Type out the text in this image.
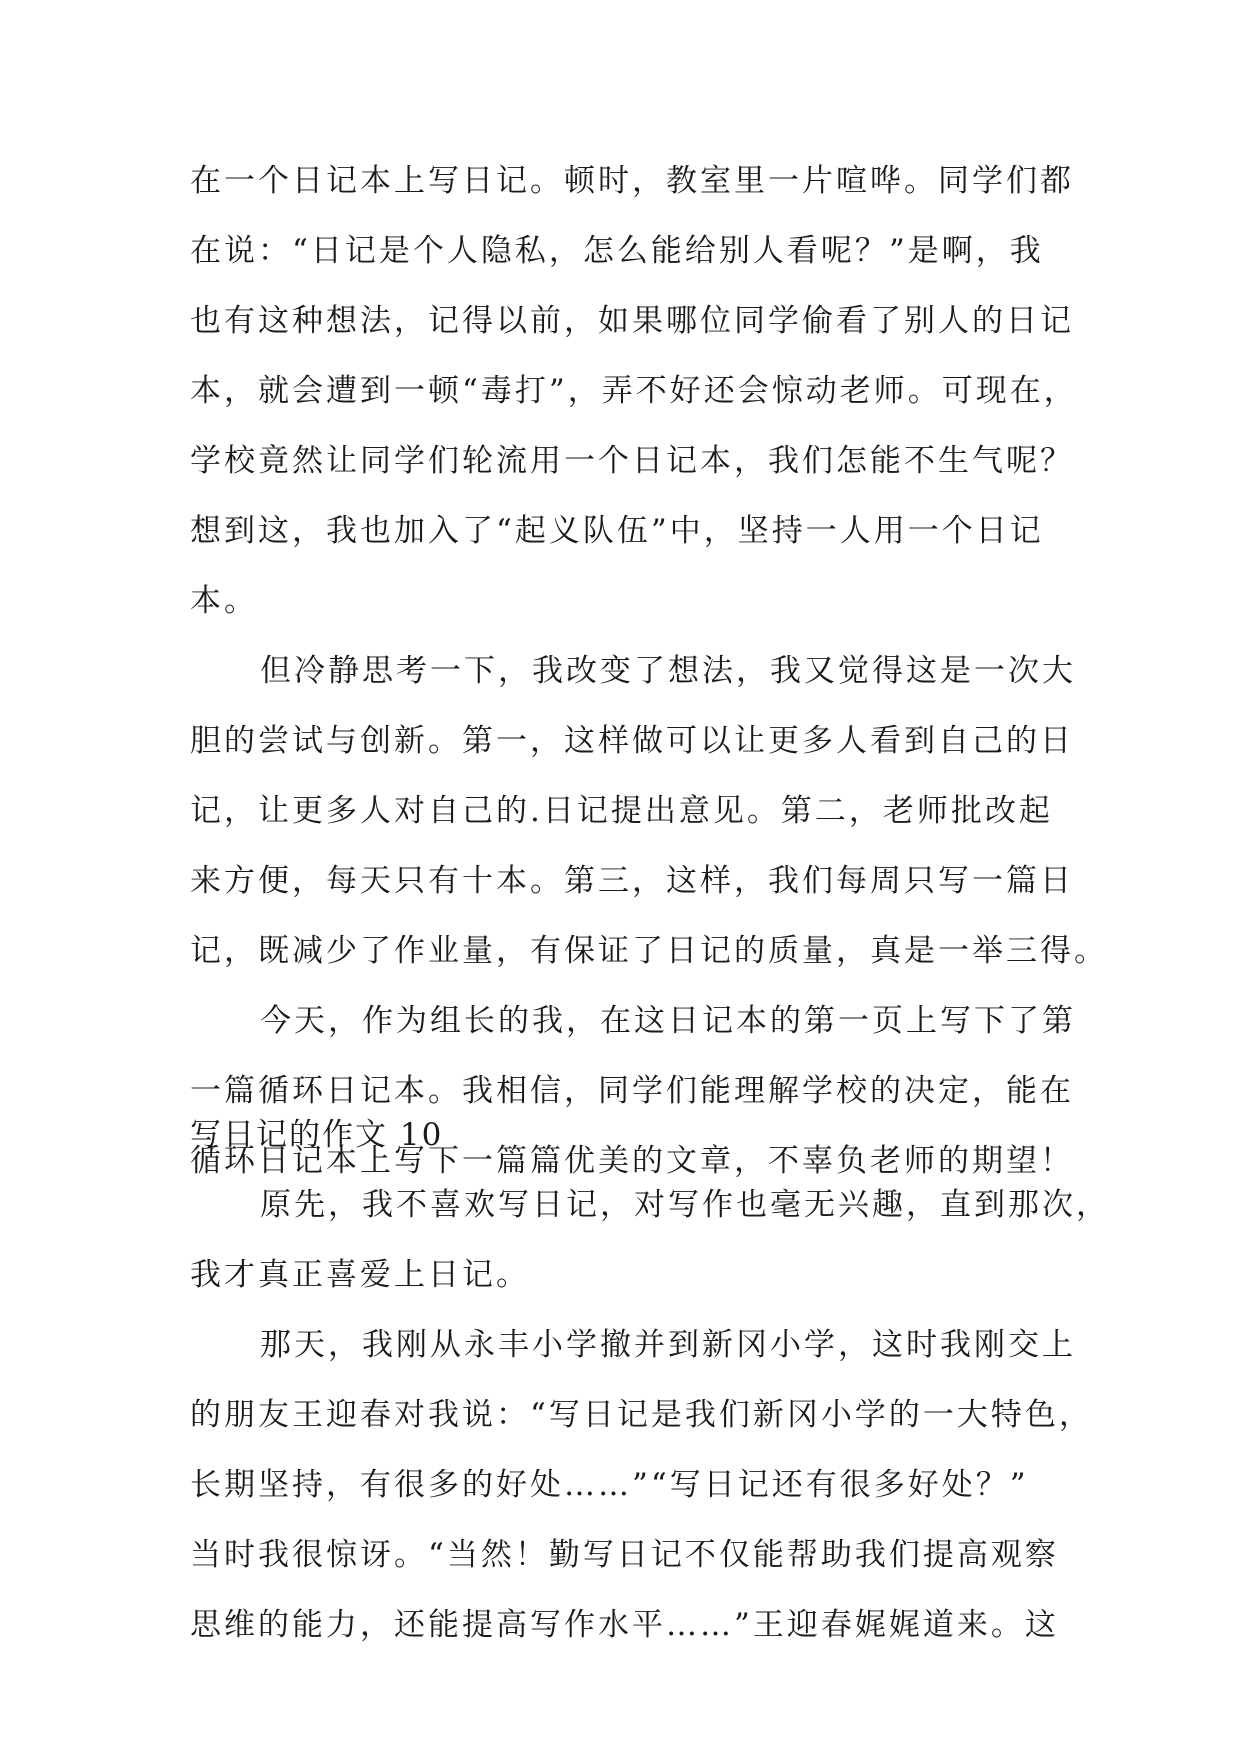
在一个日记本上写日记。顿时，教室里一片喧哗。同学们都
在说：“日记是个人隐私，怎么能给别人看呢？”是啊，我
也有这种想法，记得以前，如果哪位同学偷看了别人的日记
本，就会遭到一顿“毒打”，弄不好还会惊动老师。可现在，
学校竟然让同学们轮流用一个日记本，我们怎能不生气呢？
想到这，我也加入了“起义队伍”中，坚持一人用一个日记
本。
但冷静思考一下，我改变了想法，我又觉得这是一次大
胆的尝试与创新。第一，这样做可以让更多人看到自己的日
记，让更多人对自己的.日记提出意见。第二，老师批改起
来方便，每天只有十本。第三，这样，我们每周只写一篇日
记，既减少了作业量，有保证了日记的质量，真是一举三得。
今天，作为组长的我，在这日记本的第一页上写下了第
一篇循环日记本。我相信，同学们能理解学校的决定，能在
循环日记本上写下一篇篇优美的文章，不辜负老师的期望！
写日记的作文 10
原先，我不喜欢写日记，对写作也毫无兴趣，直到那次，
我才真正喜爱上日记。
那天，我刚从永丰小学撤并到新冈小学，这时我刚交上
的朋友王迎春对我说：“写日记是我们新冈小学的一大特色，
长期坚持，有很多的好处……”“写日记还有很多好处？”
当时我很惊讶。“当然！勤写日记不仅能帮助我们提高观察
思维的能力，还能提高写作水平……”王迎春娓娓道来。这
